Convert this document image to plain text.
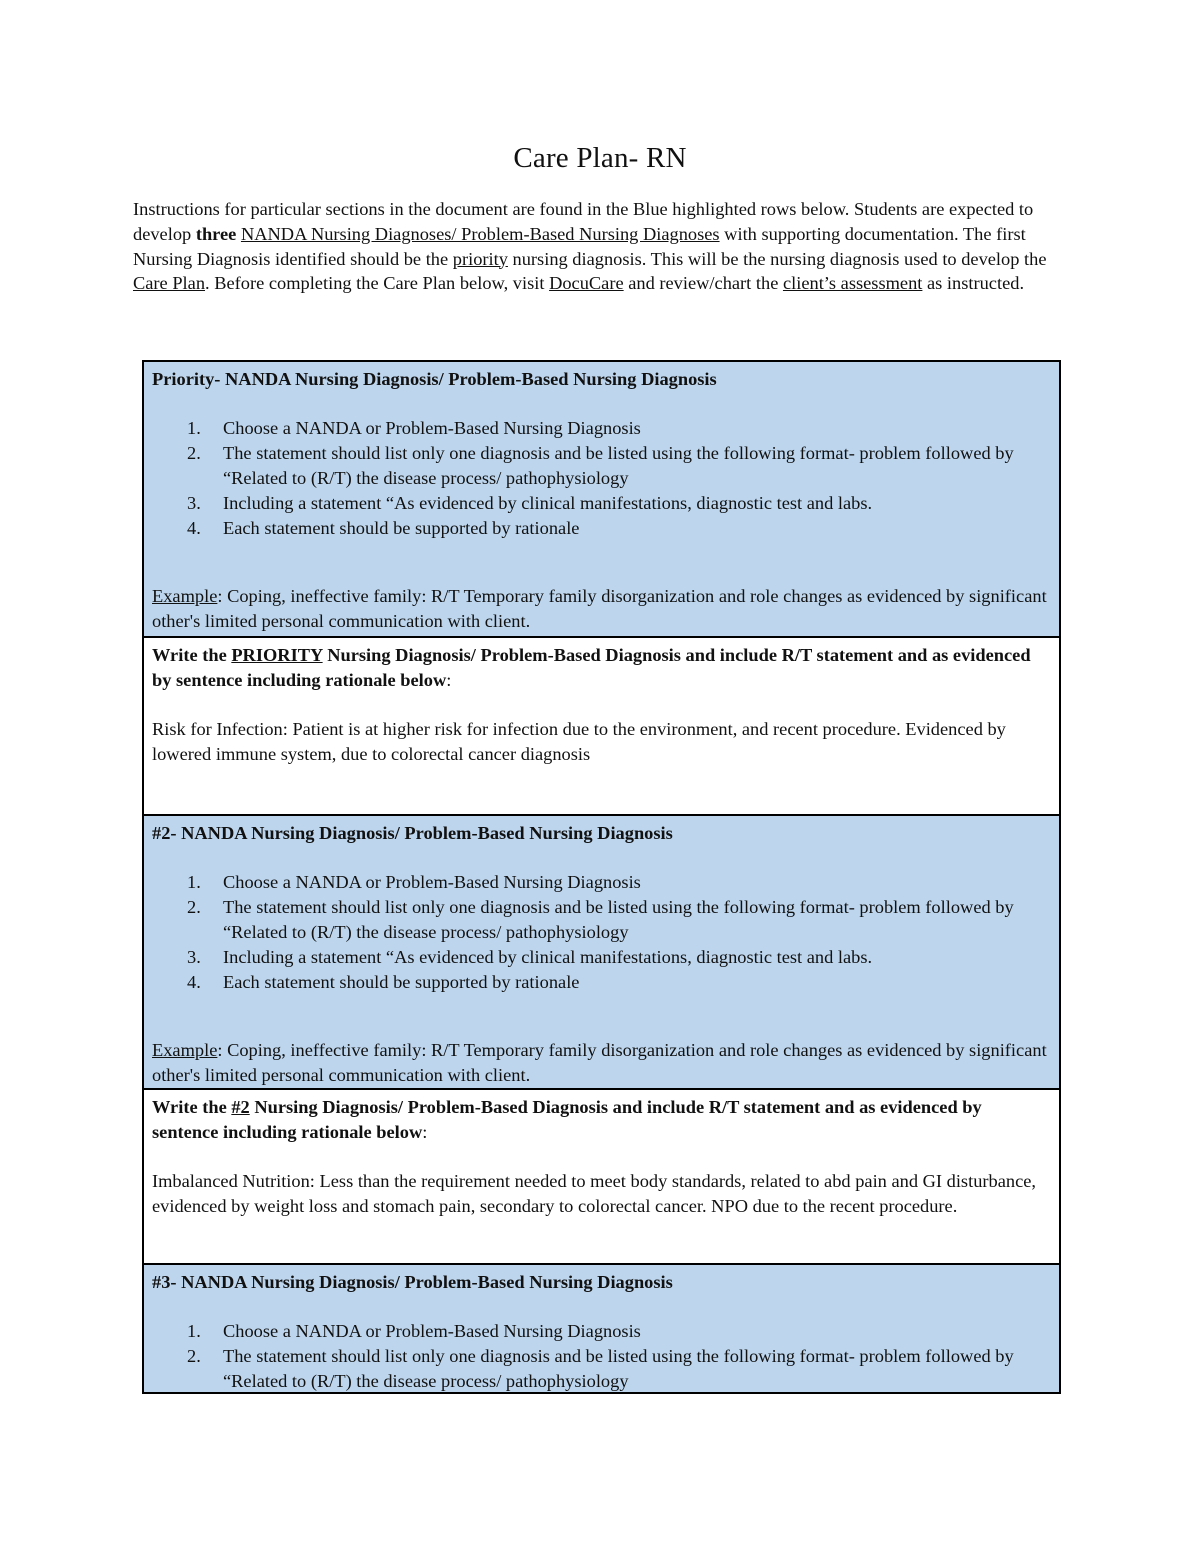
Care Plan- RN

Instructions for particular sections in the document are found in the Blue highlighted rows below. Students are expected to develop three NANDA Nursing Diagnoses/ Problem-Based Nursing Diagnoses with supporting documentation. The first Nursing Diagnosis identified should be the priority nursing diagnosis. This will be the nursing diagnosis used to develop the Care Plan. Before completing the Care Plan below, visit DocuCare and review/chart the client’s assessment as instructed.

Priority- NANDA Nursing Diagnosis/ Problem-Based Nursing Diagnosis
1. Choose a NANDA or Problem-Based Nursing Diagnosis
2. The statement should list only one diagnosis and be listed using the following format- problem followed by “Related to (R/T) the disease process/ pathophysiology
3. Including a statement “As evidenced by clinical manifestations, diagnostic test and labs.
4. Each statement should be supported by rationale
Example: Coping, ineffective family: R/T Temporary family disorganization and role changes as evidenced by significant other's limited personal communication with client.
Write the PRIORITY Nursing Diagnosis/ Problem-Based Diagnosis and include R/T statement and as evidenced by sentence including rationale below:
Risk for Infection: Patient is at higher risk for infection due to the environment, and recent procedure. Evidenced by lowered immune system, due to colorectal cancer diagnosis
#2- NANDA Nursing Diagnosis/ Problem-Based Nursing Diagnosis
1. Choose a NANDA or Problem-Based Nursing Diagnosis
2. The statement should list only one diagnosis and be listed using the following format- problem followed by “Related to (R/T) the disease process/ pathophysiology
3. Including a statement “As evidenced by clinical manifestations, diagnostic test and labs.
4. Each statement should be supported by rationale
Example: Coping, ineffective family: R/T Temporary family disorganization and role changes as evidenced by significant other's limited personal communication with client.
Write the #2 Nursing Diagnosis/ Problem-Based Diagnosis and include R/T statement and as evidenced by sentence including rationale below:
Imbalanced Nutrition: Less than the requirement needed to meet body standards, related to abd pain and GI disturbance, evidenced by weight loss and stomach pain, secondary to colorectal cancer. NPO due to the recent procedure.
#3- NANDA Nursing Diagnosis/ Problem-Based Nursing Diagnosis
1. Choose a NANDA or Problem-Based Nursing Diagnosis
2. The statement should list only one diagnosis and be listed using the following format- problem followed by “Related to (R/T) the disease process/ pathophysiology
